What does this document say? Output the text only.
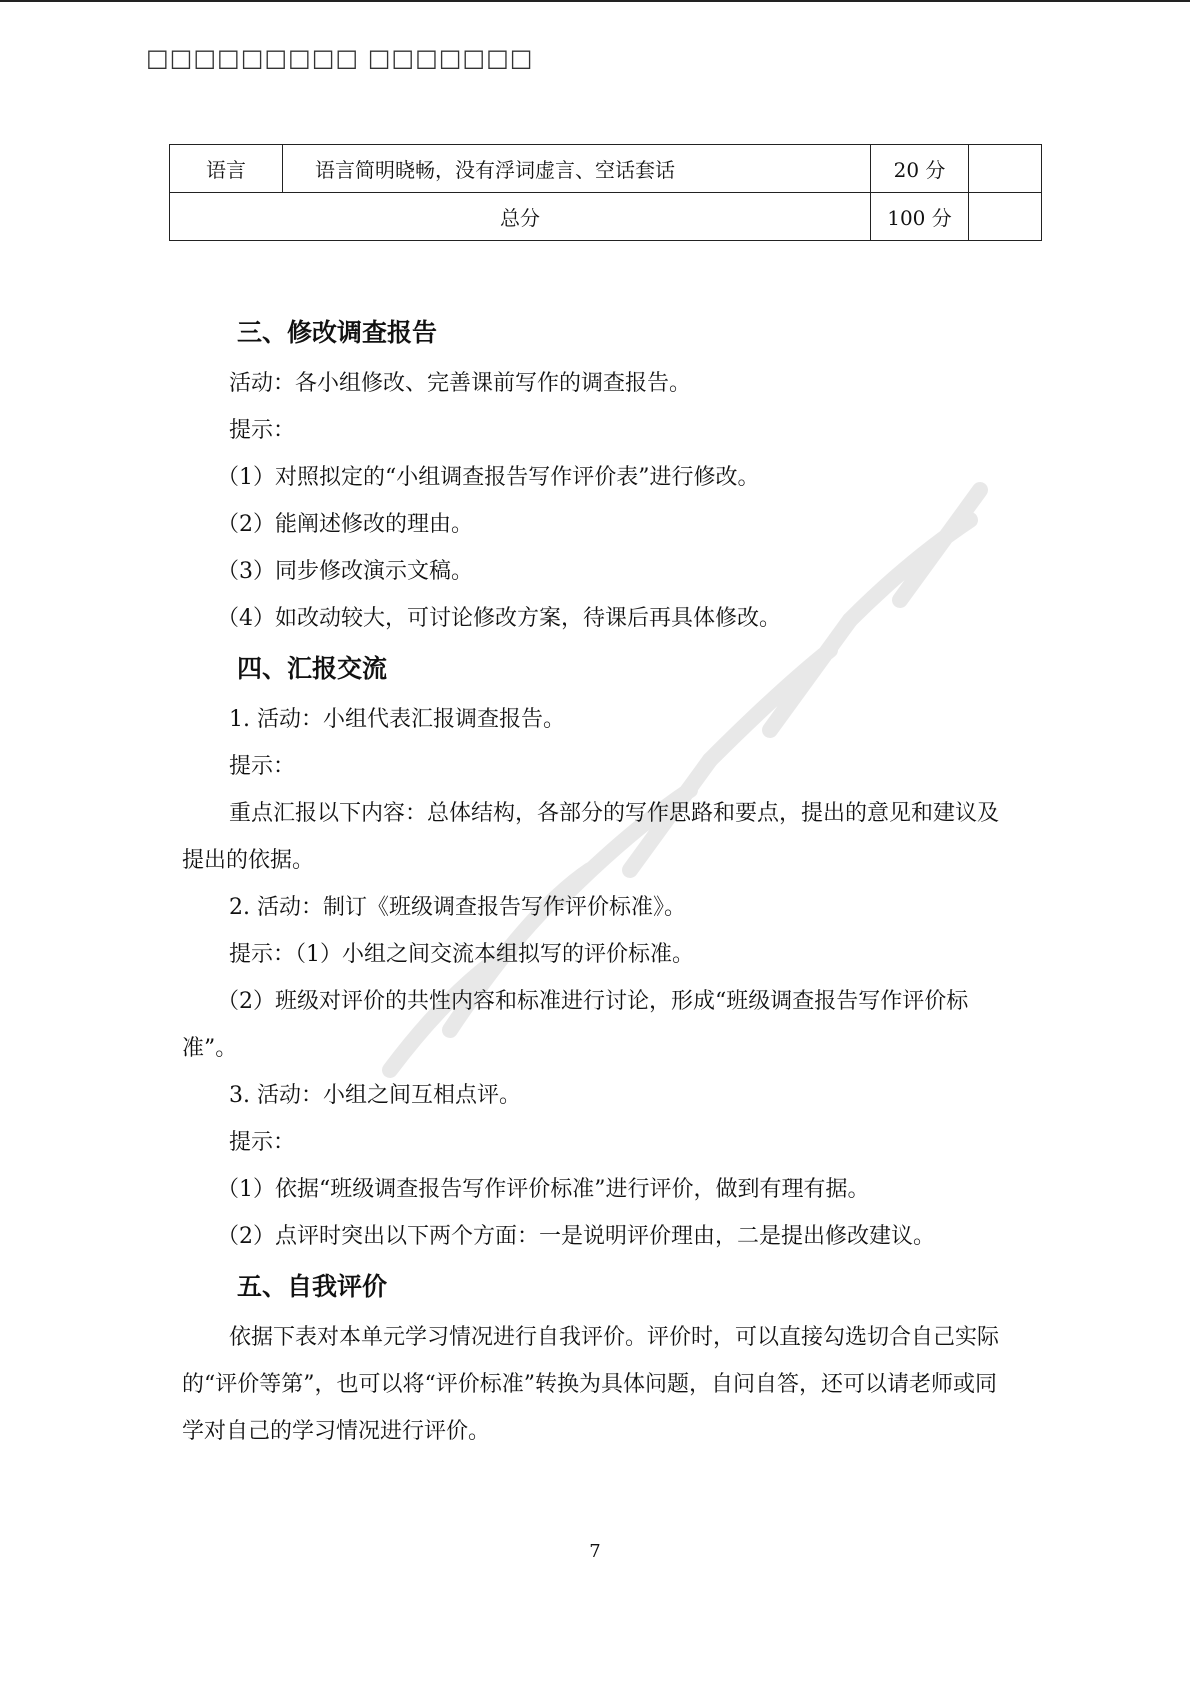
□□□□□□□□□ □□□□□□□
语言	语言简明晓畅，没有浮词虚言、空话套话	20 分	
总分		100 分	

三、修改调查报告

活动：各小组修改、完善课前写作的调查报告。

提示：

（1）对照拟定的“小组调查报告写作评价表”进行修改。

（2）能阐述修改的理由。

（3）同步修改演示文稿。

（4）如改动较大，可讨论修改方案，待课后再具体修改。

四、汇报交流

1. 活动：小组代表汇报调查报告。

提示：

重点汇报以下内容：总体结构，各部分的写作思路和要点，提出的意见和建议及提出的依据。

2. 活动：制订《班级调查报告写作评价标准》。

提示：（1）小组之间交流本组拟写的评价标准。

（2）班级对评价的共性内容和标准进行讨论，形成“班级调查报告写作评价标准”。

3. 活动：小组之间互相点评。

提示：

（1）依据“班级调查报告写作评价标准”进行评价，做到有理有据。

（2）点评时突出以下两个方面：一是说明评价理由，二是提出修改建议。

五、自我评价

依据下表对本单元学习情况进行自我评价。评价时，可以直接勾选切合自己实际的“评价等第”，也可以将“评价标准”转换为具体问题，自问自答，还可以请老师或同学对自己的学习情况进行评价。

7
